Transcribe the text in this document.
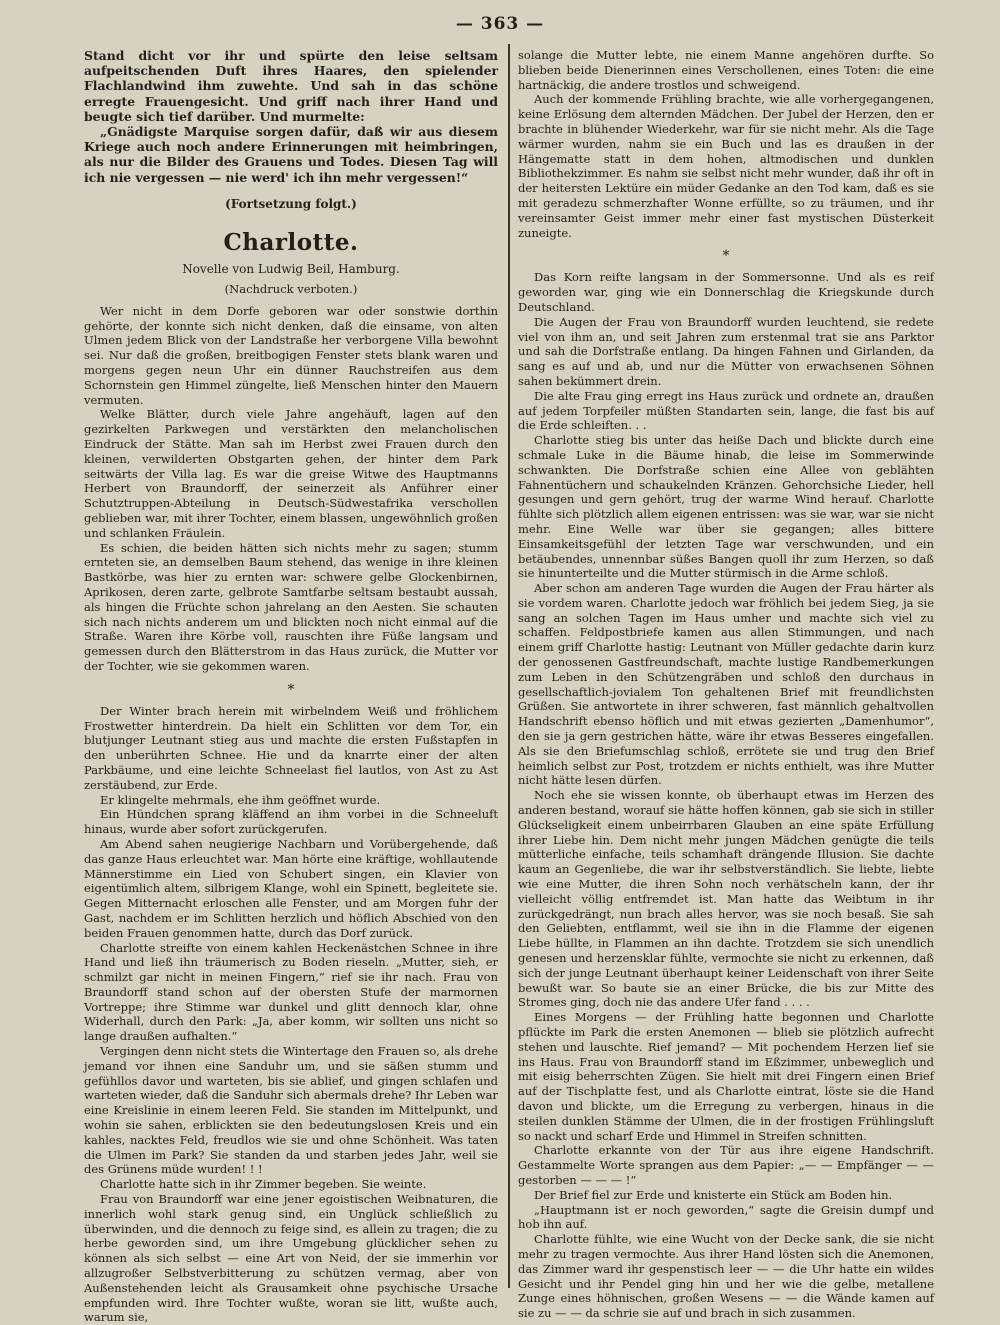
— 363 —

Stand dicht vor ihr und spürte den leise seltsam aufpeitschenden Duft ihres Haares, den spielender Flachlandwind ihm zuwehte. Und sah in das schöne erregte Frauengesicht. Und griff nach ihrer Hand und beugte sich tief darüber. Und murmelte:

„Gnädigste Marquise sorgen dafür, daß wir aus diesem Kriege auch noch andere Erinnerungen mit heimbringen, als nur die Bilder des Grauens und Todes. Diesen Tag will ich nie vergessen — nie werd' ich ihn mehr vergessen!“

(Fortsetzung folgt.)
Charlotte.
Novelle von Ludwig Beil, Hamburg.
(Nachdruck verboten.)

Wer nicht in dem Dorfe geboren war oder sonstwie dorthin gehörte, der konnte sich nicht denken, daß die einsame, von alten Ulmen jedem Blick von der Landstraße her verborgene Villa bewohnt sei. Nur daß die großen, breitbogigen Fenster stets blank waren und morgens gegen neun Uhr ein dünner Rauchstreifen aus dem Schornstein gen Himmel züngelte, ließ Menschen hinter den Mauern vermuten.

Welke Blätter, durch viele Jahre angehäuft, lagen auf den gezirkelten Parkwegen und verstärkten den melancholischen Eindruck der Stätte. Man sah im Herbst zwei Frauen durch den kleinen, verwilderten Obstgarten gehen, der hinter dem Park seitwärts der Villa lag. Es war die greise Witwe des Hauptmanns Herbert von Braundorff, der seinerzeit als Anführer einer Schutztruppen-Abteilung in Deutsch-Südwestafrika verschollen geblieben war, mit ihrer Tochter, einem blassen, ungewöhnlich großen und schlanken Fräulein.

Es schien, die beiden hätten sich nichts mehr zu sagen; stumm ernteten sie, an demselben Baum stehend, das wenige in ihre kleinen Bastkörbe, was hier zu ernten war: schwere gelbe Glockenbirnen, Aprikosen, deren zarte, gelbrote Samtfarbe seltsam bestaubt aussah, als hingen die Früchte schon jahrelang an den Aesten. Sie schauten sich nach nichts anderem um und blickten noch nicht einmal auf die Straße. Waren ihre Körbe voll, rauschten ihre Füße langsam und gemessen durch den Blätterstrom in das Haus zurück, die Mutter vor der Tochter, wie sie gekommen waren.

*

Der Winter brach herein mit wirbelndem Weiß und fröhlichem Frostwetter hinterdrein. Da hielt ein Schlitten vor dem Tor, ein blutjunger Leutnant stieg aus und machte die ersten Fußstapfen in den unberührten Schnee. Hie und da knarrte einer der alten Parkbäume, und eine leichte Schneelast fiel lautlos, von Ast zu Ast zerstäubend, zur Erde.

Er klingelte mehrmals, ehe ihm geöffnet wurde.

Ein Hündchen sprang kläffend an ihm vorbei in die Schneeluft hinaus, wurde aber sofort zurückgerufen.

Am Abend sahen neugierige Nachbarn und Vorübergehende, daß das ganze Haus erleuchtet war. Man hörte eine kräftige, wohllautende Männerstimme ein Lied von Schubert singen, ein Klavier von eigentümlich altem, silbrigem Klange, wohl ein Spinett, begleitete sie. Gegen Mitternacht erloschen alle Fenster, und am Morgen fuhr der Gast, nachdem er im Schlitten herzlich und höflich Abschied von den beiden Frauen genommen hatte, durch das Dorf zurück.

Charlotte streifte von einem kahlen Heckenästchen Schnee in ihre Hand und ließ ihn träumerisch zu Boden rieseln. „Mutter, sieh, er schmilzt gar nicht in meinen Fingern,“ rief sie ihr nach. Frau von Braundorff stand schon auf der obersten Stufe der marmornen Vortreppe; ihre Stimme war dunkel und glitt dennoch klar, ohne Widerhall, durch den Park: „Ja, aber komm, wir sollten uns nicht so lange draußen aufhalten.“

Vergingen denn nicht stets die Wintertage den Frauen so, als drehe jemand vor ihnen eine Sanduhr um, und sie säßen stumm und gefühllos davor und warteten, bis sie ablief, und gingen schlafen und warteten wieder, daß die Sanduhr sich abermals drehe? Ihr Leben war eine Kreislinie in einem leeren Feld. Sie standen im Mittelpunkt, und wohin sie sahen, erblickten sie den bedeutungslosen Kreis und ein kahles, nacktes Feld, freudlos wie sie und ohne Schönheit. Was taten die Ulmen im Park? Sie standen da und starben jedes Jahr, weil sie des Grünens müde wurden! ! !

Charlotte hatte sich in ihr Zimmer begeben. Sie weinte.

Frau von Braundorff war eine jener egoistischen Weibnaturen, die innerlich wohl stark genug sind, ein Unglück schließlich zu überwinden, und die dennoch zu feige sind, es allein zu tragen; die zu herbe geworden sind, um ihre Umgebung glücklicher sehen zu können als sich selbst — eine Art von Neid, der sie immerhin vor allzugroßer Selbstverbitterung zu schützen vermag, aber von Außenstehenden leicht als Grausamkeit ohne psychische Ursache empfunden wird. Ihre Tochter wußte, woran sie litt, wußte auch, warum sie,

solange die Mutter lebte, nie einem Manne angehören durfte. So blieben beide Dienerinnen eines Verschollenen, eines Toten: die eine hartnäckig, die andere trostlos und schweigend.

Auch der kommende Frühling brachte, wie alle vorhergegangenen, keine Erlösung dem alternden Mädchen. Der Jubel der Herzen, den er brachte in blühender Wiederkehr, war für sie nicht mehr. Als die Tage wärmer wurden, nahm sie ein Buch und las es draußen in der Hängematte statt in dem hohen, altmodischen und dunklen Bibliothekzimmer. Es nahm sie selbst nicht mehr wunder, daß ihr oft in der heitersten Lektüre ein müder Gedanke an den Tod kam, daß es sie mit geradezu schmerzhafter Wonne erfüllte, so zu träumen, und ihr vereinsamter Geist immer mehr einer fast mystischen Düsterkeit zuneigte.

*

Das Korn reifte langsam in der Sommersonne. Und als es reif geworden war, ging wie ein Donnerschlag die Kriegskunde durch Deutschland.

Die Augen der Frau von Braundorff wurden leuchtend, sie redete viel von ihm an, und seit Jahren zum erstenmal trat sie ans Parktor und sah die Dorfstraße entlang. Da hingen Fahnen und Girlanden, da sang es auf und ab, und nur die Mütter von erwachsenen Söhnen sahen bekümmert drein.

Die alte Frau ging erregt ins Haus zurück und ordnete an, draußen auf jedem Torpfeiler müßten Standarten sein, lange, die fast bis auf die Erde schleiften. . .

Charlotte stieg bis unter das heiße Dach und blickte durch eine schmale Luke in die Bäume hinab, die leise im Sommerwinde schwankten. Die Dorfstraße schien eine Allee von geblähten Fahnentüchern und schaukelnden Kränzen. Gehorchsiche Lieder, hell gesungen und gern gehört, trug der warme Wind herauf. Charlotte fühlte sich plötzlich allem eigenen entrissen: was sie war, war sie nicht mehr. Eine Welle war über sie gegangen; alles bittere Einsamkeitsgefühl der letzten Tage war verschwunden, und ein betäubendes, unnennbar süßes Bangen quoll ihr zum Herzen, so daß sie hinunterteilte und die Mutter stürmisch in die Arme schloß.

Aber schon am anderen Tage wurden die Augen der Frau härter als sie vordem waren. Charlotte jedoch war fröhlich bei jedem Sieg, ja sie sang an solchen Tagen im Haus umher und machte sich viel zu schaffen. Feldpostbriefe kamen aus allen Stimmungen, und nach einem griff Charlotte hastig: Leutnant von Müller gedachte darin kurz der genossenen Gastfreundschaft, machte lustige Randbemerkungen zum Leben in den Schützengräben und schloß den durchaus in gesellschaftlich-jovialem Ton gehaltenen Brief mit freundlichsten Grüßen. Sie antwortete in ihrer schweren, fast männlich gehaltvollen Handschrift ebenso höflich und mit etwas gezierten „Damenhumor“, den sie ja gern gestrichen hätte, wäre ihr etwas Besseres eingefallen. Als sie den Briefumschlag schloß, errötete sie und trug den Brief heimlich selbst zur Post, trotzdem er nichts enthielt, was ihre Mutter nicht hätte lesen dürfen.

Noch ehe sie wissen konnte, ob überhaupt etwas im Herzen des anderen bestand, worauf sie hätte hoffen können, gab sie sich in stiller Glückseligkeit einem unbeirrbaren Glauben an eine späte Erfüllung ihrer Liebe hin. Dem nicht mehr jungen Mädchen genügte die teils mütterliche einfache, teils schamhaft drängende Illusion. Sie dachte kaum an Gegenliebe, die war ihr selbstverständlich. Sie liebte, liebte wie eine Mutter, die ihren Sohn noch verhätscheln kann, der ihr vielleicht völlig entfremdet ist. Man hatte das Weibtum in ihr zurückgedrängt, nun brach alles hervor, was sie noch besaß. Sie sah den Geliebten, entflammt, weil sie ihn in die Flamme der eigenen Liebe hüllte, in Flammen an ihn dachte. Trotzdem sie sich unendlich genesen und herzensklar fühlte, vermochte sie nicht zu erkennen, daß sich der junge Leutnant überhaupt keiner Leidenschaft von ihrer Seite bewußt war. So baute sie an einer Brücke, die bis zur Mitte des Stromes ging, doch nie das andere Ufer fand . . . .

Eines Morgens — der Frühling hatte begonnen und Charlotte pflückte im Park die ersten Anemonen — blieb sie plötzlich aufrecht stehen und lauschte. Rief jemand? — Mit pochendem Herzen lief sie ins Haus. Frau von Braundorff stand im Eßzimmer, unbeweglich und mit eisig beherrschten Zügen. Sie hielt mit drei Fingern einen Brief auf der Tischplatte fest, und als Charlotte eintrat, löste sie die Hand davon und blickte, um die Erregung zu verbergen, hinaus in die steilen dunklen Stämme der Ulmen, die in der frostigen Frühlingsluft so nackt und scharf Erde und Himmel in Streifen schnitten.

Charlotte erkannte von der Tür aus ihre eigene Handschrift. Gestammelte Worte sprangen aus dem Papier: „— — Empfänger — — gestorben — — — !“

Der Brief fiel zur Erde und knisterte ein Stück am Boden hin.

„Hauptmann ist er noch geworden,“ sagte die Greisin dumpf und hob ihn auf.

Charlotte fühlte, wie eine Wucht von der Decke sank, die sie nicht mehr zu tragen vermochte. Aus ihrer Hand lösten sich die Anemonen, das Zimmer ward ihr gespenstisch leer — — die Uhr hatte ein wildes Gesicht und ihr Pendel ging hin und her wie die gelbe, metallene Zunge eines höhnischen, großen Wesens — — die Wände kamen auf sie zu — — da schrie sie auf und brach in sich zusammen.
